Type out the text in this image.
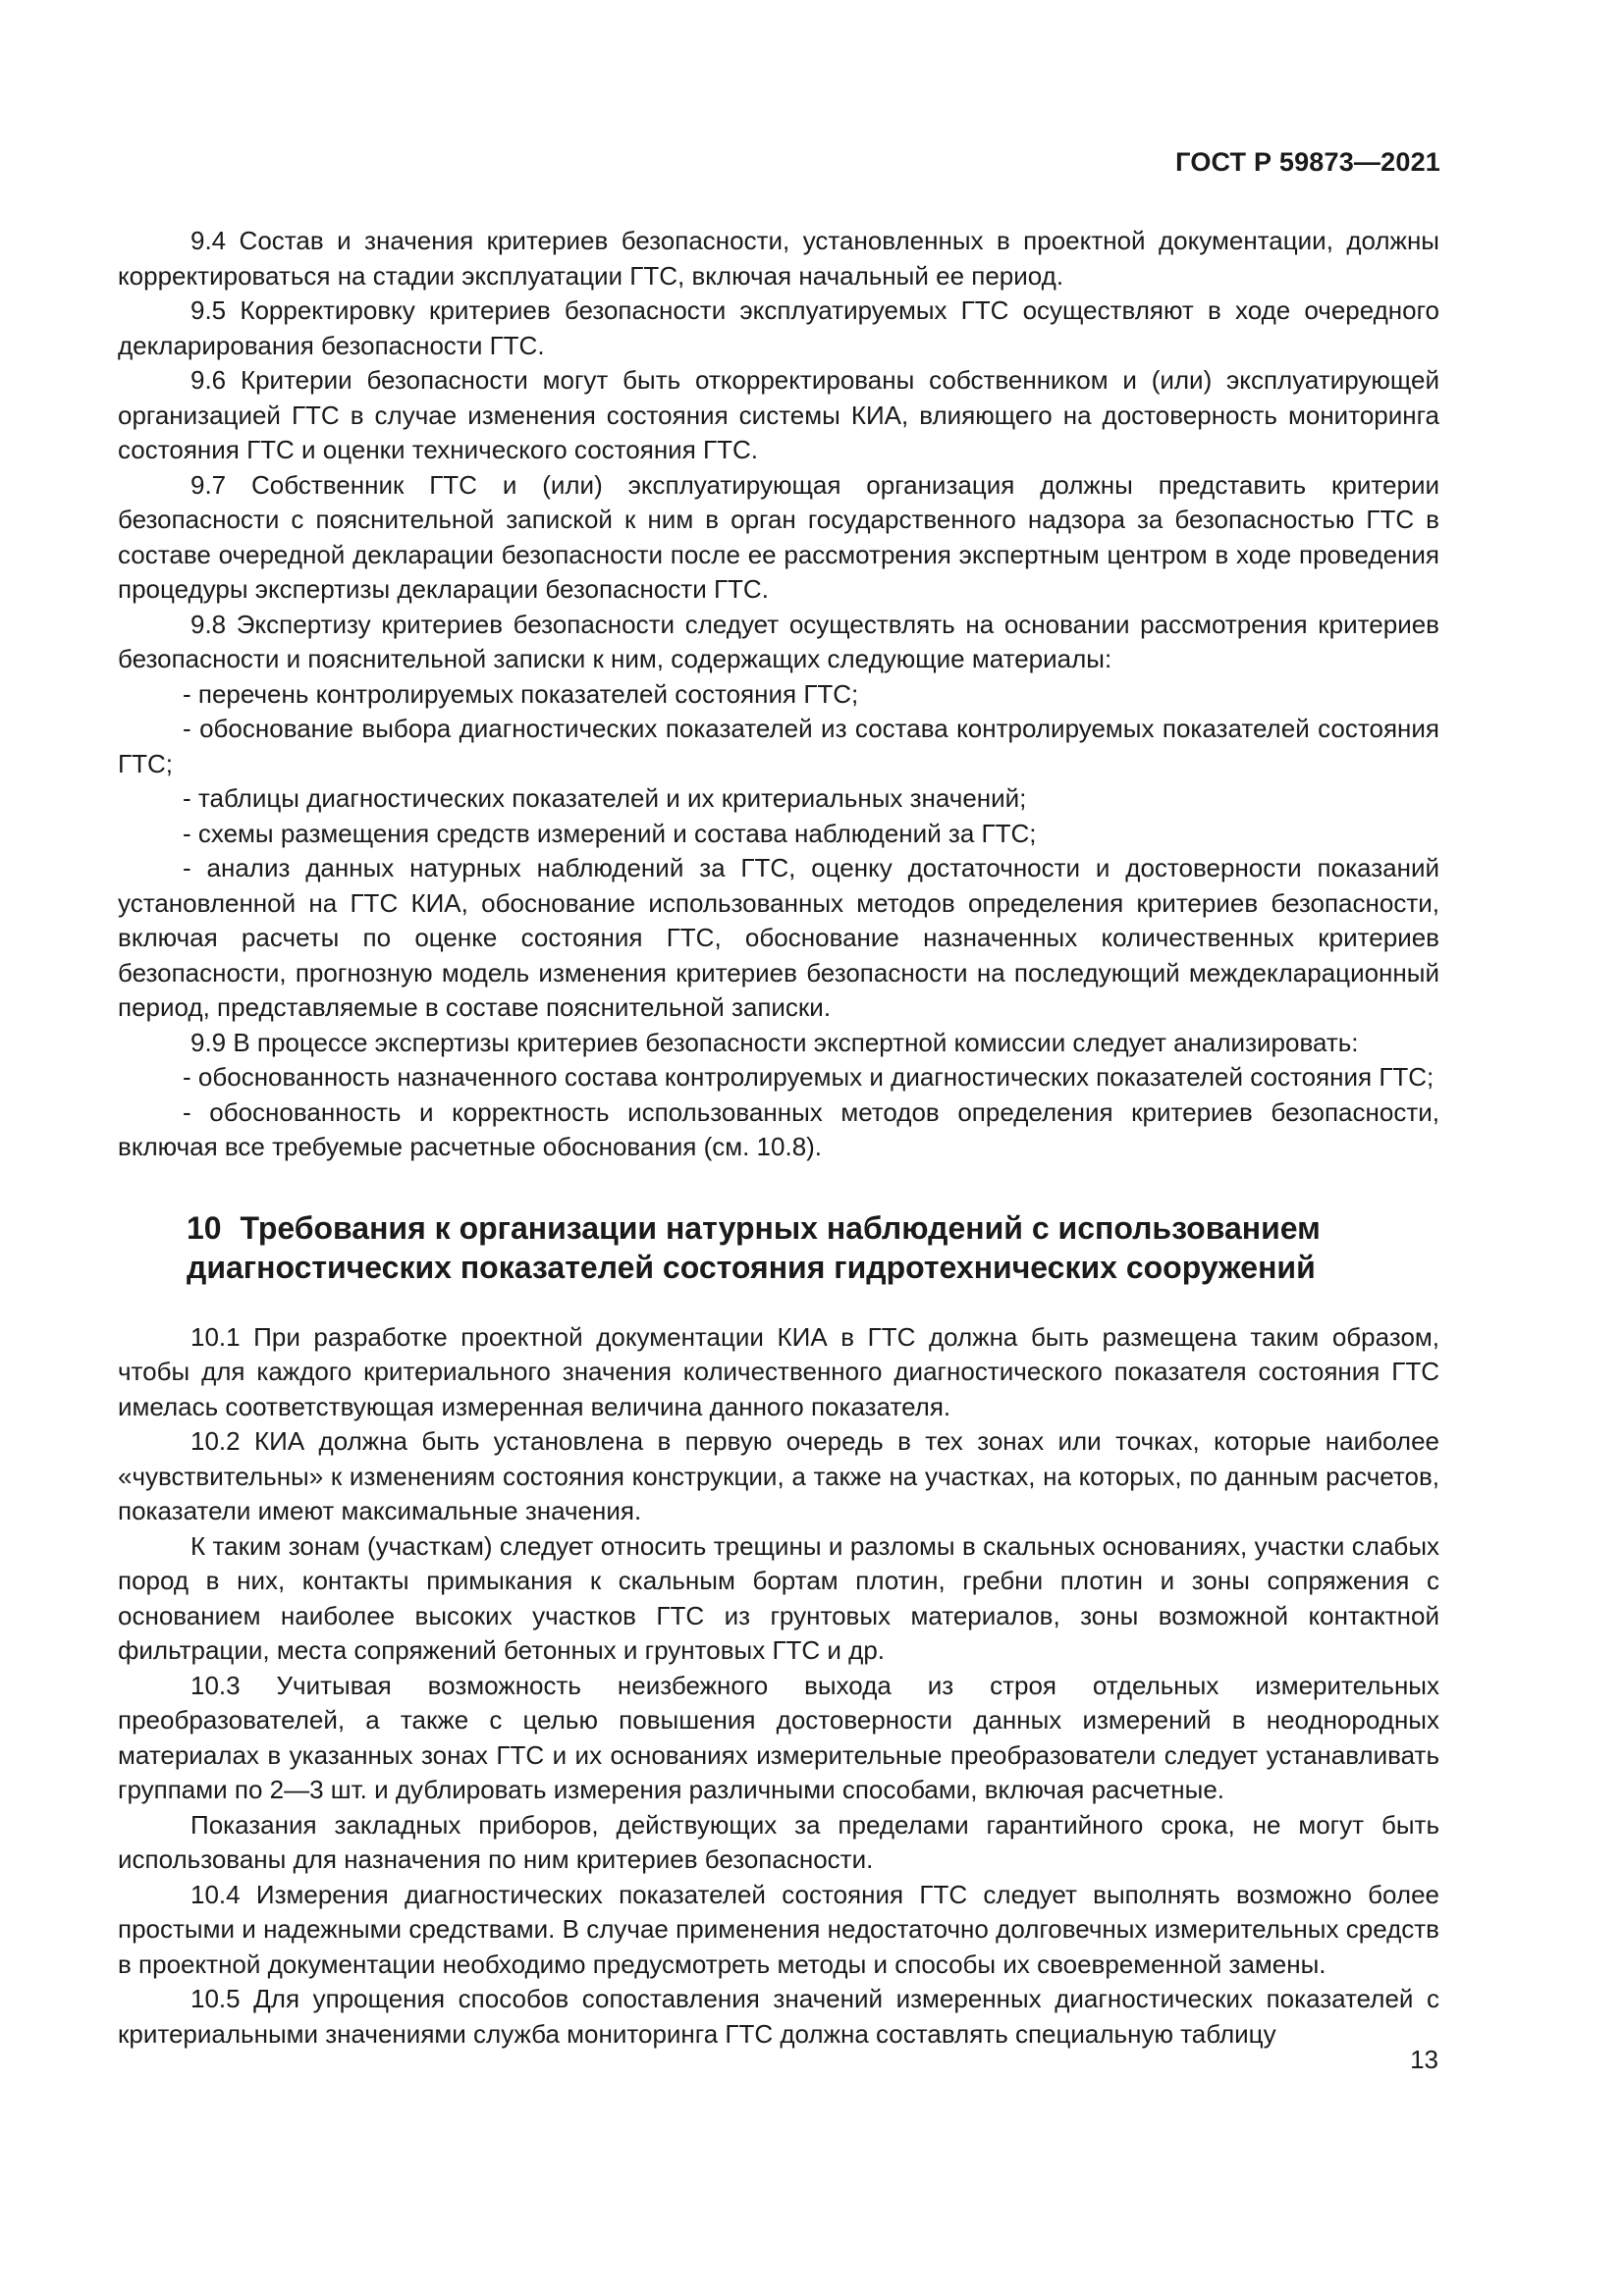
ГОСТ Р 59873—2021

9.4 Состав и значения критериев безопасности, установленных в проектной документации, должны корректироваться на стадии эксплуатации ГТС, включая начальный ее период.

9.5 Корректировку критериев безопасности эксплуатируемых ГТС осуществляют в ходе очередного декларирования безопасности ГТС.

9.6 Критерии безопасности могут быть откорректированы собственником и (или) эксплуатирующей организацией ГТС в случае изменения состояния системы КИА, влияющего на достоверность мониторинга состояния ГТС и оценки технического состояния ГТС.

9.7 Собственник ГТС и (или) эксплуатирующая организация должны представить критерии безопасности с пояснительной запиской к ним в орган государственного надзора за безопасностью ГТС в составе очередной декларации безопасности после ее рассмотрения экспертным центром в ходе проведения процедуры экспертизы декларации безопасности ГТС.

9.8 Экспертизу критериев безопасности следует осуществлять на основании рассмотрения критериев безопасности и пояснительной записки к ним, содержащих следующие материалы:

- перечень контролируемых показателей состояния ГТС;

- обоснование выбора диагностических показателей из состава контролируемых показателей состояния ГТС;

- таблицы диагностических показателей и их критериальных значений;

- схемы размещения средств измерений и состава наблюдений за ГТС;

- анализ данных натурных наблюдений за ГТС, оценку достаточности и достоверности показаний установленной на ГТС КИА, обоснование использованных методов определения критериев безопасности, включая расчеты по оценке состояния ГТС, обоснование назначенных количественных критериев безопасности, прогнозную модель изменения критериев безопасности на последующий междекларационный период, представляемые в составе пояснительной записки.

9.9 В процессе экспертизы критериев безопасности экспертной комиссии следует анализировать:

- обоснованность назначенного состава контролируемых и диагностических показателей состояния ГТС;

- обоснованность и корректность использованных методов определения критериев безопасности, включая все требуемые расчетные обоснования (см. 10.8).

10 Требования к организации натурных наблюдений с использованием диагностических показателей состояния гидротехнических сооружений

10.1 При разработке проектной документации КИА в ГТС должна быть размещена таким образом, чтобы для каждого критериального значения количественного диагностического показателя состояния ГТС имелась соответствующая измеренная величина данного показателя.

10.2 КИА должна быть установлена в первую очередь в тех зонах или точках, которые наиболее «чувствительны» к изменениям состояния конструкции, а также на участках, на которых, по данным расчетов, показатели имеют максимальные значения.

К таким зонам (участкам) следует относить трещины и разломы в скальных основаниях, участки слабых пород в них, контакты примыкания к скальным бортам плотин, гребни плотин и зоны сопряжения с основанием наиболее высоких участков ГТС из грунтовых материалов, зоны возможной контактной фильтрации, места сопряжений бетонных и грунтовых ГТС и др.

10.3 Учитывая возможность неизбежного выхода из строя отдельных измерительных преобразователей, а также с целью повышения достоверности данных измерений в неоднородных материалах в указанных зонах ГТС и их основаниях измерительные преобразователи следует устанавливать группами по 2—3 шт. и дублировать измерения различными способами, включая расчетные.

Показания закладных приборов, действующих за пределами гарантийного срока, не могут быть использованы для назначения по ним критериев безопасности.

10.4 Измерения диагностических показателей состояния ГТС следует выполнять возможно более простыми и надежными средствами. В случае применения недостаточно долговечных измерительных средств в проектной документации необходимо предусмотреть методы и способы их своевременной замены.

10.5 Для упрощения способов сопоставления значений измеренных диагностических показателей с критериальными значениями служба мониторинга ГТС должна составлять специальную таблицу

13
